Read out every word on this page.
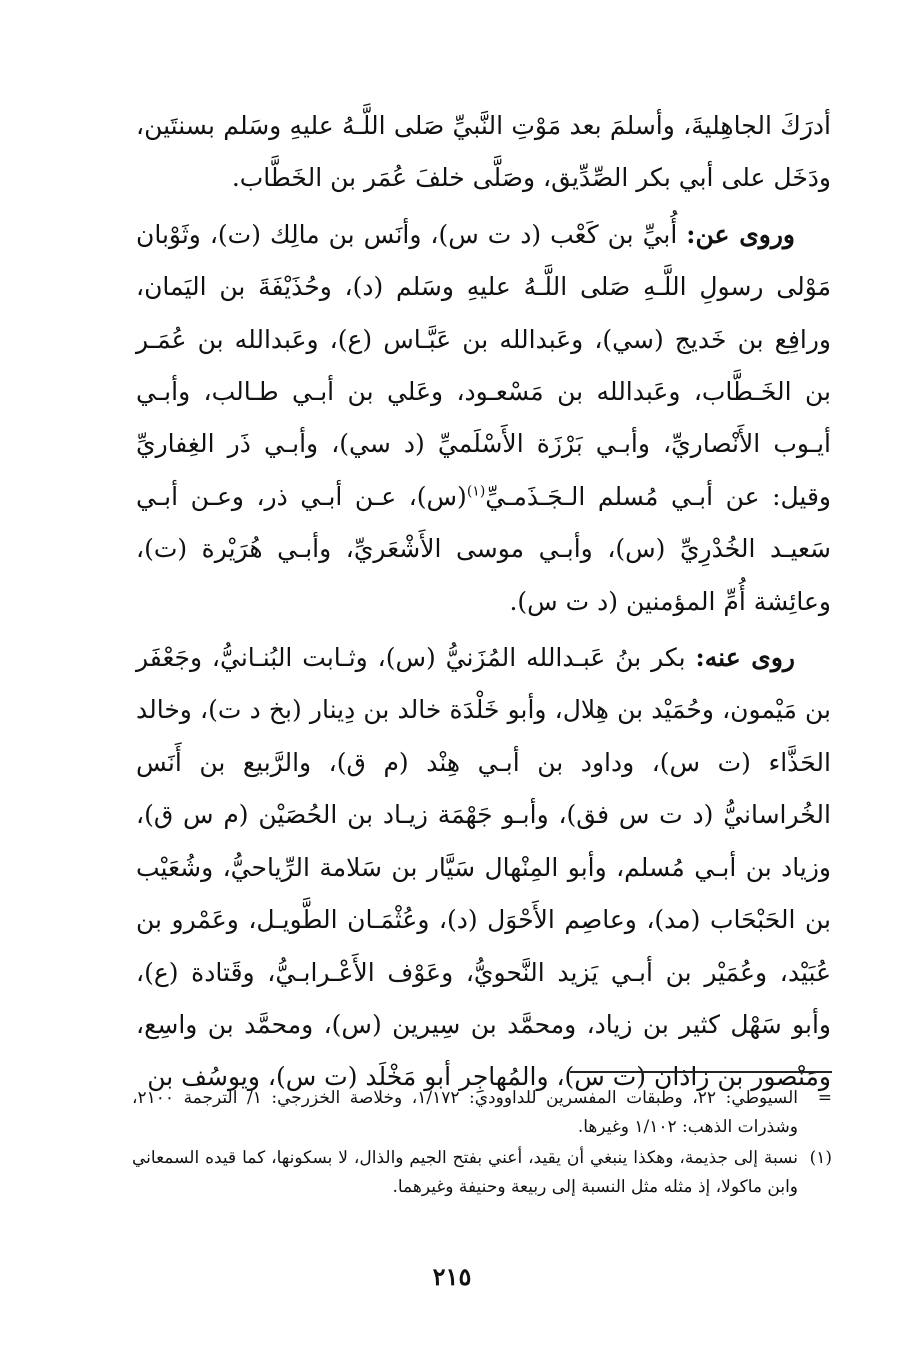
أدرَكَ الجاهِليةَ، وأسلمَ بعد مَوْتِ النَّبيِّ صَلى اللَّـهُ عليهِ وسَلم بسنتَين، ودَخَل على أبي بكر الصِّدِّيق، وصَلَّى خلفَ عُمَر بن الخَطَّاب.

وروى عن: أُبيِّ بن كَعْب (د ت س)، وأنَس بن مالِك (ت)، وثَوْبان مَوْلى رسولِ اللَّـهِ صَلى اللَّـهُ عليهِ وسَلم (د)، وحُذَيْفَةَ بن اليَمان، ورافِع بن خَديج (سي)، وعَبدالله بن عَبَّـاس (ع)، وعَبدالله بن عُمَـر بن الخَـطَّاب، وعَبدالله بن مَسْعـود، وعَلي بن أبـي طـالب، وأبـي أيـوب الأَنْصاريِّ، وأبـي بَرْزَة الأَسْلَميِّ (د سي)، وأبـي ذَر الغِفاريِّ وقيل: عن أبـي مُسلم الـجَـذَمـيِّ$^{(١)}$(س)، عـن أبـي ذر، وعـن أبـي سَعيـد الخُدْرِيِّ (س)، وأبـي موسى الأَشْعَريِّ، وأبـي هُرَيْرة (ت)، وعائِشة أُمِّ المؤمنين (د ت س).

روى عنه: بكر بنُ عَبـدالله المُزَنيُّ (س)، وثـابت البُنـانيُّ، وجَعْفَر بن مَيْمون، وحُمَيْد بن هِلال، وأبو خَلْدَة خالد بن دِينار (بخ د ت)، وخالد الحَذَّاء (ت س)، وداود بن أبـي هِنْد (م ق)، والرَّبيع بن أَنَس الخُراسانيُّ (د ت س فق)، وأبـو جَهْمَة زيـاد بن الحُصَيْن (م س ق)، وزياد بن أبـي مُسلم، وأبو المِنْهال سَيَّار بن سَلامة الرِّياحيُّ، وشُعَيْب بن الحَبْحَاب (مد)، وعاصِم الأَحْوَل (د)، وعُثْمَـان الطَّويـل، وعَمْرو بن عُبَيْد، وعُمَيْر بن أبـي يَزيد النَّحويُّ، وعَوْف الأَعْـرابـيُّ، وقَتادة (ع)، وأبو سَهْل كثير بن زياد، ومحمَّد بن سِيرين (س)، ومحمَّد بن واسِع، ومَنْصور بن زاذان (ت س)، والمُهاجِر أبو مَخْلَد (ت س)، ويوسُف بن

=
السيوطي: ٢٢، وطبقات المفسرين للداوودي: ١/١٧٢، وخلاصة الخزرجي: ١/ الترجمة ٢١٠٠، وشذرات الذهب: ١/١٠٢ وغيرها.
(١)
نسبة إلى جذيمة، وهكذا ينبغي أن يقيد، أعني بفتح الجيم والذال، لا بسكونها، كما قيده السمعاني وابن ماكولا، إذ مثله مثل النسبة إلى ربيعة وحنيفة وغيرهما.
٢١٥
